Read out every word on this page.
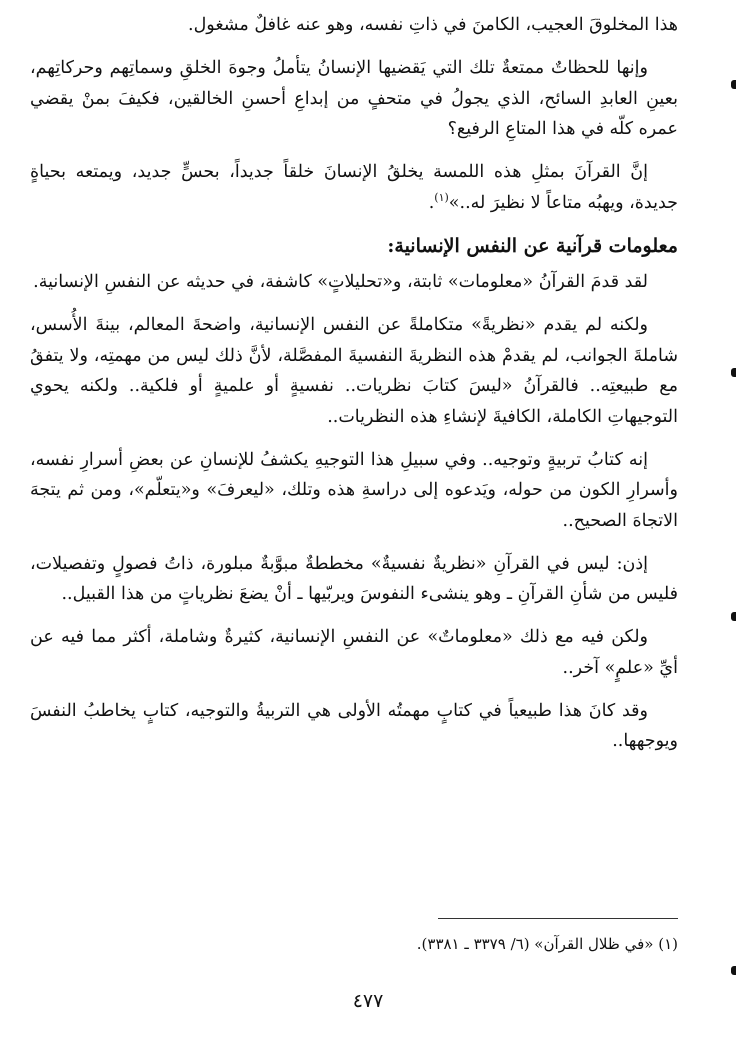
هذا المخلوقَ العجيب، الكامنَ في ذاتِ نفسه، وهو عنه غافلٌ مشغول.

وإنها للحظاتٌ ممتعةٌ تلك التي يَقضيها الإنسانُ يتأملُ وجوهَ الخلقِ وسماتِهم وحركاتِهم، بعينِ العابدِ السائح، الذي يجولُ في متحفٍ من إبداعِ أحسنِ الخالقين، فكيفَ بمنْ يقضي عمره كلّه في هذا المتاعِ الرفيع؟

إنَّ القرآنَ بمثلِ هذه اللمسة يخلقُ الإنسانَ خلقاً جديداً، بحسٍّ جديد، ويمتعه بحياةٍ جديدة، ويهبُه متاعاً لا نظيرَ له..»$^{(١)}$.

معلومات قرآنية عن النفس الإنسانية:

لقد قدمَ القرآنُ «معلومات» ثابتة، و«تحليلاتٍ» كاشفة، في حديثه عن النفسِ الإنسانية.

ولكنه لم يقدم «نظريةً» متكاملةً عن النفس الإنسانية، واضحةَ المعالم، بينةَ الأُسس، شاملةَ الجوانب، لم يقدمْ هذه النظريةَ النفسيةَ المفصَّلة، لأنَّ ذلك ليس من مهمتِه، ولا يتفقُ مع طبيعتِه.. فالقرآنُ «ليسَ كتابَ نظريات.. نفسيةٍ أو علميةٍ أو فلكية.. ولكنه يحوي التوجيهاتِ الكاملة، الكافيةَ لإنشاءِ هذه النظريات..

إنه كتابُ تربيةٍ وتوجيه.. وفي سبيلِ هذا التوجيهِ يكشفُ للإنسانِ عن بعضِ أسرارِ نفسه، وأسرارِ الكون من حوله، ويَدعوه إلى دراسةِ هذه وتلك، «ليعرفَ» و«يتعلّم»، ومن ثم يتجهَ الاتجاهَ الصحيح..

إذن: ليس في القرآنِ «نظريةٌ نفسيةٌ» مخططةٌ مبوَّبةٌ مبلورة، ذاتُ فصولٍ وتفصيلات، فليس من شأنِ القرآنِ ـ وهو ينشىء النفوسَ ويربّيها ـ أنْ يضعَ نظرياتٍ من هذا القبيل..

ولكن فيه مع ذلك «معلوماتٌ» عن النفسِ الإنسانية، كثيرةٌ وشاملة، أكثر مما فيه عن أيِّ «علمٍ» آخر..

وقد كانَ هذا طبيعياً في كتابٍ مهمتُه الأولى هي التربيةُ والتوجيه، كتابٍ يخاطبُ النفسَ ويوجهها..

(١) «في ظلال القرآن» (٦/ ٣٣٧٩ ـ ٣٣٨١).
٤٧٧
